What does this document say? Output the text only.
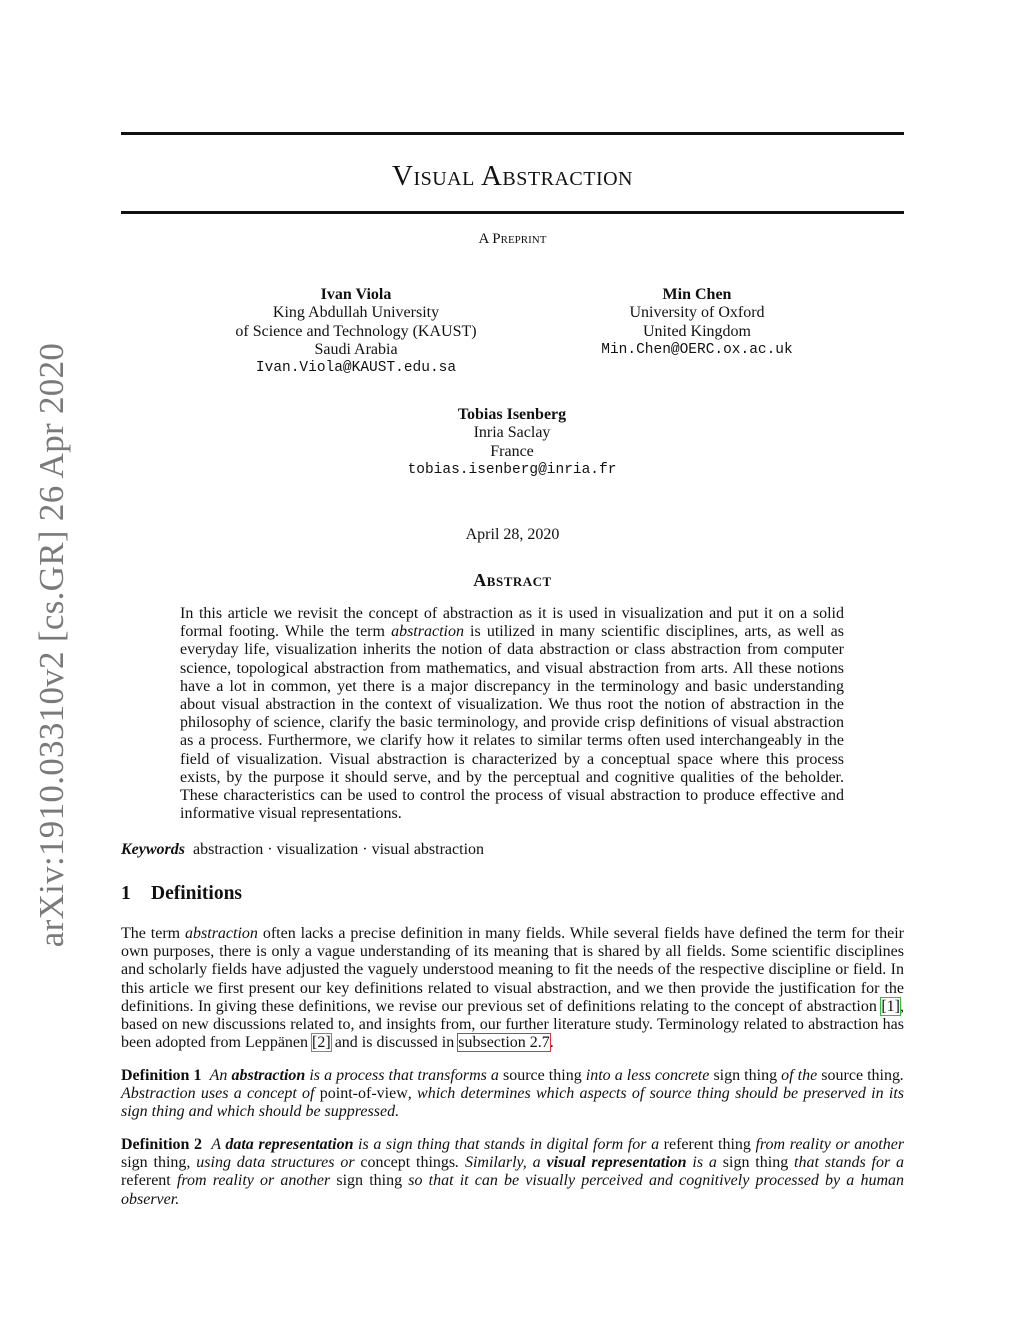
arXiv:1910.03310v2 [cs.GR] 26 Apr 2020
Visual Abstraction
A Preprint
Ivan Viola
King Abdullah University
of Science and Technology (KAUST)
Saudi Arabia
Ivan.Viola@KAUST.edu.sa
Min Chen
University of Oxford
United Kingdom
Min.Chen@OERC.ox.ac.uk
Tobias Isenberg
Inria Saclay
France
tobias.isenberg@inria.fr
April 28, 2020
Abstract
In this article we revisit the concept of abstraction as it is used in visualization and put it on a solid formal footing. While the term abstraction is utilized in many scientific disciplines, arts, as well as everyday life, visualization inherits the notion of data abstraction or class abstraction from computer science, topological abstraction from mathematics, and visual abstraction from arts. All these notions have a lot in common, yet there is a major discrepancy in the terminology and basic understanding about visual abstraction in the context of visualization. We thus root the notion of abstraction in the philosophy of science, clarify the basic terminology, and provide crisp definitions of visual abstraction as a process. Furthermore, we clarify how it relates to similar terms often used interchangeably in the field of visualization. Visual abstraction is characterized by a conceptual space where this process exists, by the purpose it should serve, and by the perceptual and cognitive qualities of the beholder. These characteristics can be used to control the process of visual abstraction to produce effective and informative visual representations.
Keywords abstraction · visualization · visual abstraction
1 Definitions
The term abstraction often lacks a precise definition in many fields. While several fields have defined the term for their own purposes, there is only a vague understanding of its meaning that is shared by all fields. Some scientific disciplines and scholarly fields have adjusted the vaguely understood meaning to fit the needs of the respective discipline or field. In this article we first present our key definitions related to visual abstraction, and we then provide the justification for the definitions. In giving these definitions, we revise our previous set of definitions relating to the concept of abstraction [1], based on new discussions related to, and insights from, our further literature study. Terminology related to abstraction has been adopted from Leppänen [2] and is discussed in subsection 2.7.
Definition 1 An abstraction is a process that transforms a source thing into a less concrete sign thing of the source thing. Abstraction uses a concept of point-of-view, which determines which aspects of source thing should be preserved in its sign thing and which should be suppressed.
Definition 2 A data representation is a sign thing that stands in digital form for a referent thing from reality or another sign thing, using data structures or concept things. Similarly, a visual representation is a sign thing that stands for a referent from reality or another sign thing so that it can be visually perceived and cognitively processed by a human observer.
